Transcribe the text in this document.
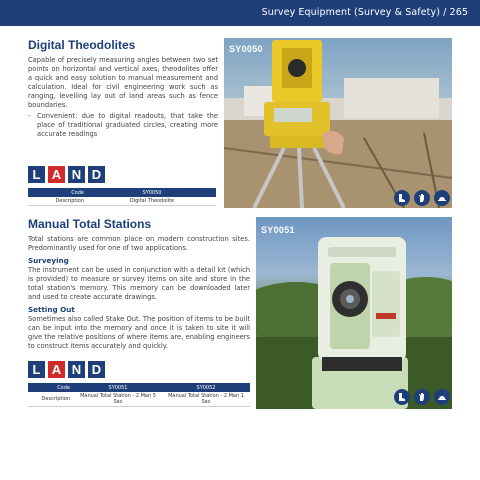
Survey Equipment (Survey & Safety) / 265
Digital Theodolites

Capable of precisely measuring angles between two set points on horizontal and vertical axes, theodolites offer a quick and easy solution to manual measurement and calculation. Ideal for civil engineering work such as ranging, levelling lay out of land areas such as fence boundaries.

- Convenient: due to digital readouts, that take the place of traditional graduated circles, creating more accurate readings
L A N D
Code	SY0050
Description	Digital Theodolite
SY0050
Manual Total Stations

Total stations are common place on modern construction sites. Predominantly used for one of two applications.

Surveying

The instrument can be used in conjunction with a detail kit (which is provided) to measure or survey items on site and store in the total station's memory. This memory can be downloaded later and used to create accurate drawings.

Setting Out

Sometimes also called Stake Out. The position of items to be built can be input into the memory and once it is taken to site it will give the relative positions of where items are, enabling engineers to construct items accurately and quickly.

L A N D
Code	SY0051	SY0052
Description	Manual Total Station - 2 Man 5 Sec	Manual Total Station - 2 Man 1 Sec
SY0051
